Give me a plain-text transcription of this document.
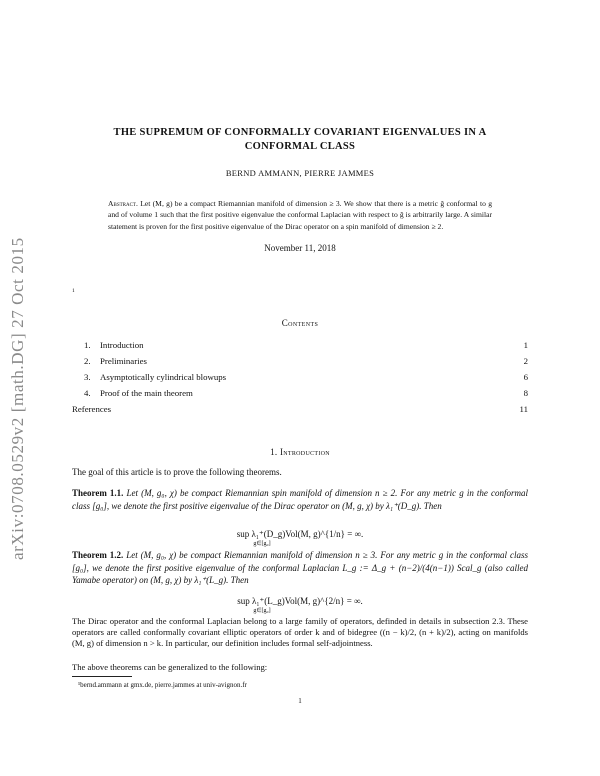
arXiv:0708.0529v2 [math.DG] 27 Oct 2015
THE SUPREMUM OF CONFORMALLY COVARIANT EIGENVALUES IN A
CONFORMAL CLASS
BERND AMMANN, PIERRE JAMMES
Abstract. Let (M, g) be a compact Riemannian manifold of dimension ≥ 3. We show that there is a metric g̃ conformal to g and of volume 1 such that the first positive eigenvalue the conformal Laplacian with respect to g̃ is arbitrarily large. A similar statement is proven for the first positive eigenvalue of the Dirac operator on a spin manifold of dimension ≥ 2.
November 11, 2018
1
Contents
1. Introduction	1
2. Preliminaries	2
3. Asymptotically cylindrical blowups	6
4. Proof of the main theorem	8
References	11
1. Introduction
The goal of this article is to prove the following theorems.
Theorem 1.1. Let (M, g₀, χ) be compact Riemannian spin manifold of dimension n ≥ 2. For any metric g in the conformal class [g₀], we denote the first positive eigenvalue of the Dirac operator on (M, g, χ) by λ₁⁺(D_g). Then
sup λ₁⁺(D_g)Vol(M, g)^{1/n} = ∞.
g∈[g₀]
Theorem 1.2. Let (M, g₀, χ) be compact Riemannian manifold of dimension n ≥ 3. For any metric g in the conformal class [g₀], we denote the first positive eigenvalue of the conformal Laplacian L_g := Δ_g + (n−2)/(4(n−1)) Scal_g (also called Yamabe operator) on (M, g, χ) by λ₁⁺(L_g). Then
sup λ₁⁺(L_g)Vol(M, g)^{2/n} = ∞.
g∈[g₀]
¹bernd.ammann at gmx.de, pierre.jammes at univ-avignon.fr
1
The Dirac operator and the conformal Laplacian belong to a large family of operators, definded in details in subsection 2.3. These operators are called conformally covariant elliptic operators of order k and of bidegree ((n − k)/2, (n + k)/2), acting on manifolds (M, g) of dimension n > k. In particular, our definition includes formal self-adjointness.
The above theorems can be generalized to the following:
